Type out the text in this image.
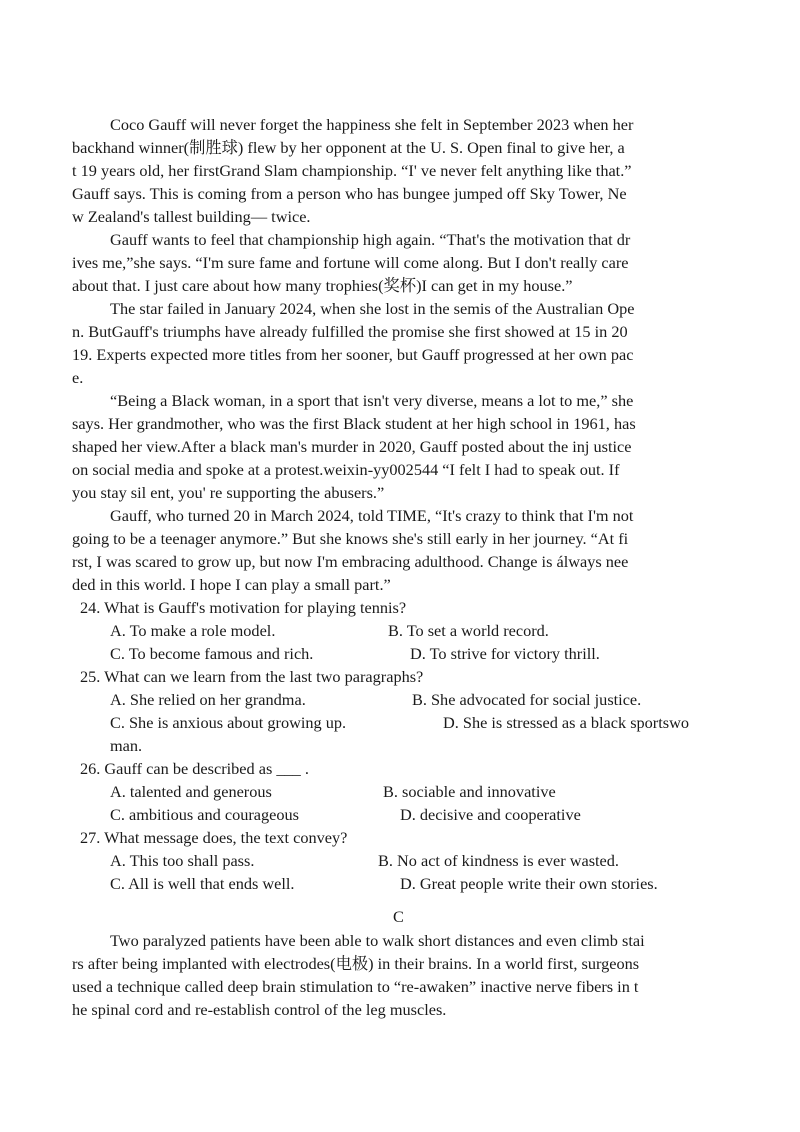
Coco Gauff will never forget the happiness she felt in September 2023 when her
backhand winner(制胜球) flew by her opponent at the U. S. Open final to give her, a
t 19 years old, her firstGrand Slam championship. “I' ve never felt anything like that.”
Gauff says. This is coming from a person who has bungee jumped off Sky Tower, Ne
w Zealand's tallest building— twice.
Gauff wants to feel that championship high again. “That's the motivation that dr
ives me,”she says. “I'm sure fame and fortune will come along. But I don't really care
about that. I just care about how many trophies(奖杯)I can get in my house.”
The star failed in January 2024, when she lost in the semis of the Australian Ope
n. ButGauff's triumphs have already fulfilled the promise she first showed at 15 in 20
19. Experts expected more titles from her sooner, but Gauff progressed at her own pac
e.
“Being a Black woman, in a sport that isn't very diverse, means a lot to me,” she
says. Her grandmother, who was the first Black student at her high school in 1961, has
shaped her view.After a black man's murder in 2020, Gauff posted about the inj ustice
on social media and spoke at a protest.weixin-yy002544 “I felt I had to speak out. If
you stay sil ent, you' re supporting the abusers.”
Gauff, who turned 20 in March 2024, told TIME, “It's crazy to think that I'm not
going to be a teenager anymore.” But she knows she's still early in her journey. “At fi
rst, I was scared to grow up, but now I'm embracing adulthood. Change is álways nee
ded in this world. I hope I can play a small part.”
24. What is Gauff's motivation for playing tennis?
A. To make a role model.	B. To set a world record.
C. To become famous and rich.	D. To strive for victory thrill.
25. What can we learn from the last two paragraphs?
A. She relied on her grandma.	B. She advocated for social justice.
C. She is anxious about growing up.	D. She is stressed as a black sportswo
man.
26. Gauff can be described as ___ .
A. talented and generous	B. sociable and innovative
C. ambitious and courageous	D. decisive and cooperative
27. What message does, the text convey?
A. This too shall pass.	B. No act of kindness is ever wasted.
C. All is well that ends well.	D. Great people write their own stories.
C
Two paralyzed patients have been able to walk short distances and even climb stai
rs after being implanted with electrodes(电极) in their brains. In a world first, surgeons
used a technique called deep brain stimulation to “re-awaken” inactive nerve fibers in t
he spinal cord and re-establish control of the leg muscles.
